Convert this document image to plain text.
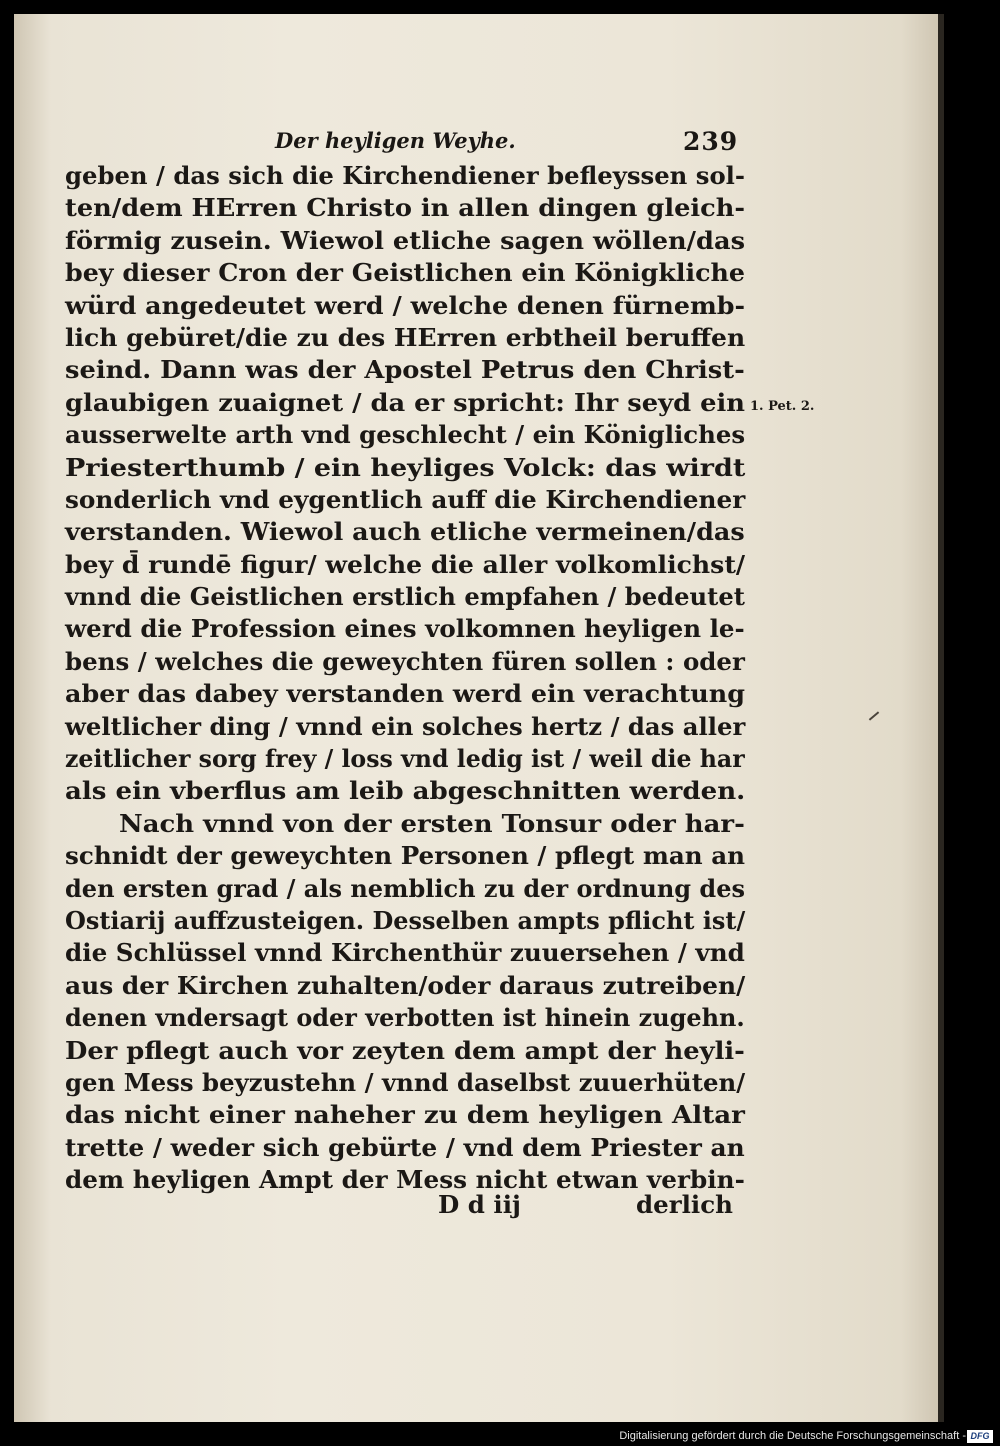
Der heyligen Weyhe.	239
geben / das sich die Kirchendiener befleyssen sol-
ten/dem HErren Christo in allen dingen gleich-
förmig zusein. Wiewol etliche sagen wöllen/das
bey dieser Cron der Geistlichen ein Königkliche
würd angedeutet werd / welche denen fürnemb-
lich gebüret/die zu des HErren erbtheil beruffen
seind. Dann was der Apostel Petrus den Christ-
glaubigen zuaignet / da er spricht: Ihr seyd ein
ausserwelte arth vnd geschlecht / ein Königliches
Priesterthumb / ein heyliges Volck: das wirdt
sonderlich vnd eygentlich auff die Kirchendiener
verstanden. Wiewol auch etliche vermeinen/das
bey d̄ rundē figur/ welche die aller volkomlichst/
vnnd die Geistlichen erstlich empfahen / bedeutet
werd die Profession eines volkomnen heyligen le-
bens / welches die geweychten füren sollen : oder
aber das dabey verstanden werd ein verachtung
weltlicher ding / vnnd ein solches hertz / das aller
zeitlicher sorg frey / loss vnd ledig ist / weil die har
als ein vberflus am leib abgeschnitten werden.
Nach vnnd von der ersten Tonsur oder har-
schnidt der geweychten Personen / pflegt man an
den ersten grad / als nemblich zu der ordnung des
Ostiarij auffzusteigen. Desselben ampts pflicht ist/
die Schlüssel vnnd Kirchenthür zuuersehen / vnd
aus der Kirchen zuhalten/oder daraus zutreiben/
denen vndersagt oder verbotten ist hinein zugehn.
Der pflegt auch vor zeyten dem ampt der heyli-
gen Mess beyzustehn / vnnd daselbst zuuerhüten/
das nicht einer naheher zu dem heyligen Altar
trette / weder sich gebürte / vnd dem Priester an
dem heyligen Ampt der Mess nicht etwan verbin-
1. Pet. 2.
D d iij	derlich
Digitalisierung gefördert durch die Deutsche Forschungsgemeinschaft - DFG
